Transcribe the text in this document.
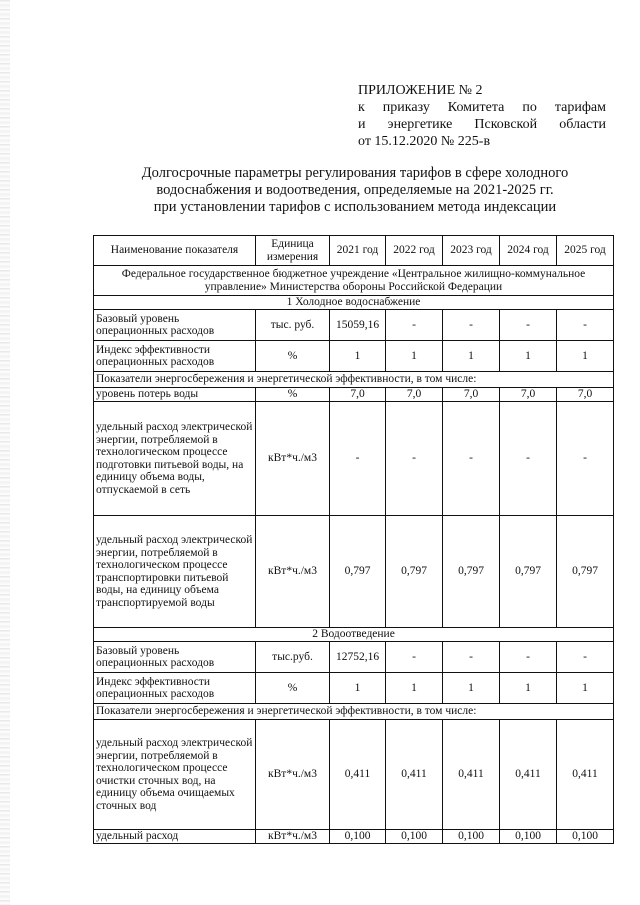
ПРИЛОЖЕНИЕ № 2
к приказу Комитета по тарифам
и энергетике Псковской области
от 15.12.2020 № 225-в
Долгосрочные параметры регулирования тарифов в сфере холодного
водоснабжения и водоотведения, определяемые на 2021-2025 гг.
при установлении тарифов с использованием метода индексации
Наименование показателя	Единица измерения	2021 год	2022 год	2023 год	2024 год	2025 год
Федеральное государственное бюджетное учреждение «Центральное жилищно-коммунальное управление» Министерства обороны Российской Федерации						
1 Холодное водоснабжение						
Базовый уровень операционных расходов	тыс. руб.	15059,16	-	-	-	-
Индекс эффективности операционных расходов	%	1	1	1	1	1
Показатели энергосбережения и энергетической эффективности, в том числе:						
уровень потерь воды	%	7,0	7,0	7,0	7,0	7,0
удельный расход электрической энергии, потребляемой в технологическом процессе подготовки питьевой воды, на единицу объема воды, отпускаемой в сеть	кВт*ч./м3	-	-	-	-	-
удельный расход электрической энергии, потребляемой в технологическом процессе транспортировки питьевой воды, на единицу объема транспортируемой воды	кВт*ч./м3	0,797	0,797	0,797	0,797	0,797
2 Водоотведение						
Базовый уровень операционных расходов	тыс.руб.	12752,16	-	-	-	-
Индекс эффективности операционных расходов	%	1	1	1	1	1
Показатели энергосбережения и энергетической эффективности, в том числе:						
удельный расход электрической энергии, потребляемой в технологическом процессе очистки сточных вод, на единицу объема очищаемых сточных вод	кВт*ч./м3	0,411	0,411	0,411	0,411	0,411
удельный расход	кВт*ч./м3	0,100	0,100	0,100	0,100	0,100
